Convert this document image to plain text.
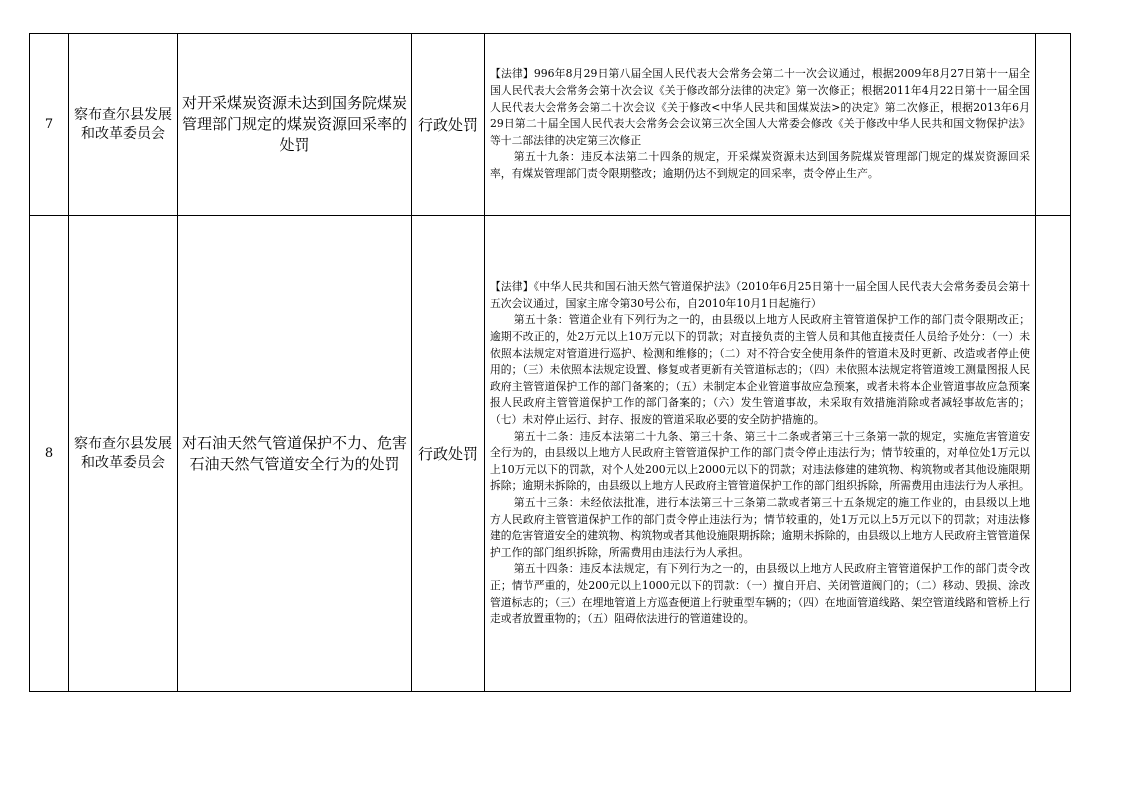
7	察布查尔县发展和改革委员会	对开采煤炭资源未达到国务院煤炭管理部门规定的煤炭资源回采率的处罚	行政处罚	【法律】996年8月29日第八届全国人民代表大会常务会第二十一次会议通过，根据2009年8月27日第十一届全国人民代表大会常务会第十次会议《关于修改部分法律的决定》第一次修正；根据2011年4月22日第十一届全国人民代表大会常务会第二十次会议《关于修改<中华人民共和国煤炭法>的决定》第二次修正，根据2013年6月29日第二十届全国人民代表大会常务会会议第三次全国人大常委会修改《关于修改中华人民共和国文物保护法》等十二部法律的决定第三次修正

第五十九条：违反本法第二十四条的规定，开采煤炭资源未达到国务院煤炭管理部门规定的煤炭资源回采率，有煤炭管理部门责令限期整改；逾期仍达不到规定的回采率，责令停止生产。	

8	察布查尔县发展和改革委员会	对石油天然气管道保护不力、危害石油天然气管道安全行为的处罚	行政处罚	【法律】《中华人民共和国石油天然气管道保护法》（2010年6月25日第十一届全国人民代表大会常务委员会第十五次会议通过，国家主席令第30号公布，自2010年10月1日起施行）

第五十条：管道企业有下列行为之一的，由县级以上地方人民政府主管管道保护工作的部门责令限期改正；逾期不改正的，处2万元以上10万元以下的罚款；对直接负责的主管人员和其他直接责任人员给予处分：（一）未依照本法规定对管道进行巡护、检测和维修的；（二）对不符合安全使用条件的管道未及时更新、改造或者停止使用的；（三）未依照本法规定设置、修复或者更新有关管道标志的；（四）未依照本法规定将管道竣工测量图报人民政府主管管道保护工作的部门备案的；（五）未制定本企业管道事故应急预案，或者未将本企业管道事故应急预案报人民政府主管管道保护工作的部门备案的；（六）发生管道事故，未采取有效措施消除或者减轻事故危害的；（七）未对停止运行、封存、报废的管道采取必要的安全防护措施的。

第五十二条：违反本法第二十九条、第三十条、第三十二条或者第三十三条第一款的规定，实施危害管道安全行为的，由县级以上地方人民政府主管管道保护工作的部门责令停止违法行为；情节较重的，对单位处1万元以上10万元以下的罚款，对个人处200元以上2000元以下的罚款；对违法修建的建筑物、构筑物或者其他设施限期拆除；逾期未拆除的，由县级以上地方人民政府主管管道保护工作的部门组织拆除，所需费用由违法行为人承担。

第五十三条：未经依法批准，进行本法第三十三条第二款或者第三十五条规定的施工作业的，由县级以上地方人民政府主管管道保护工作的部门责令停止违法行为；情节较重的，处1万元以上5万元以下的罚款；对违法修建的危害管道安全的建筑物、构筑物或者其他设施限期拆除；逾期未拆除的，由县级以上地方人民政府主管管道保护工作的部门组织拆除，所需费用由违法行为人承担。

第五十四条：违反本法规定，有下列行为之一的，由县级以上地方人民政府主管管道保护工作的部门责令改正；情节严重的，处200元以上1000元以下的罚款：（一）擅自开启、关闭管道阀门的；（二）移动、毁损、涂改管道标志的；（三）在埋地管道上方巡查便道上行驶重型车辆的；（四）在地面管道线路、架空管道线路和管桥上行走或者放置重物的；（五）阻碍依法进行的管道建设的。	
